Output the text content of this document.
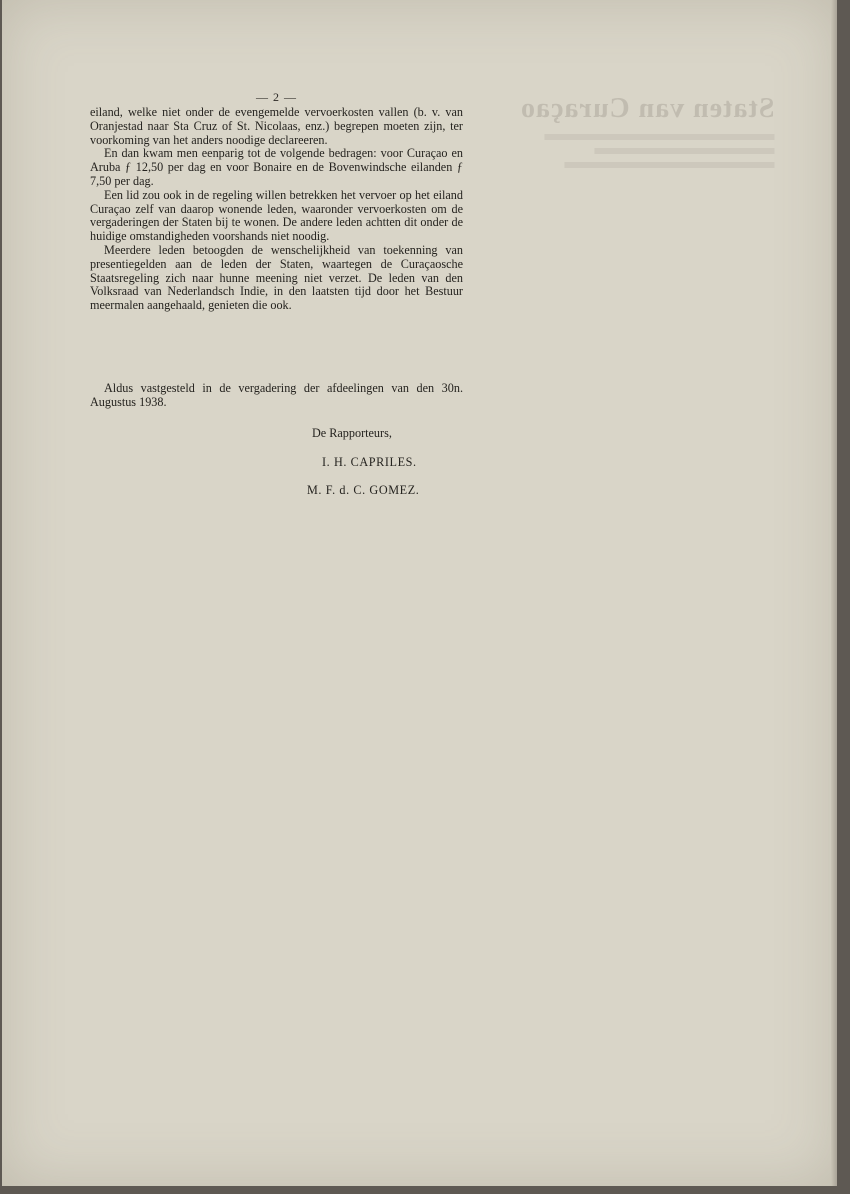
Staten van Curaçao
— 2 —

eiland, welke niet onder de evengemelde vervoerkosten vallen (b. v. van Oranjestad naar Sta Cruz of St. Nicolaas, enz.) begrepen moeten zijn, ter voorkoming van het anders noodige declareeren.

En dan kwam men eenparig tot de volgende bedragen: voor Curaçao en Aruba ƒ 12,50 per dag en voor Bonaire en de Bovenwindsche eilanden ƒ 7,50 per dag.

Een lid zou ook in de regeling willen betrekken het vervoer op het eiland Curaçao zelf van daarop wonende leden, waaronder vervoerkosten om de vergaderingen der Staten bij te wonen. De andere leden achtten dit onder de huidige omstandigheden voorshands niet noodig.

Meerdere leden betoogden de wenschelijkheid van toekenning van presentiegelden aan de leden der Staten, waartegen de Curaçaosche Staatsregeling zich naar hunne meening niet verzet. De leden van den Volksraad van Nederlandsch Indie, in den laatsten tijd door het Bestuur meermalen aangehaald, genieten die ook.

Aldus vastgesteld in de vergadering der afdeelingen van den 30n. Augustus 1938.

De Rapporteurs,
I. H. CAPRILES.
M. F. d. C. GOMEZ.
